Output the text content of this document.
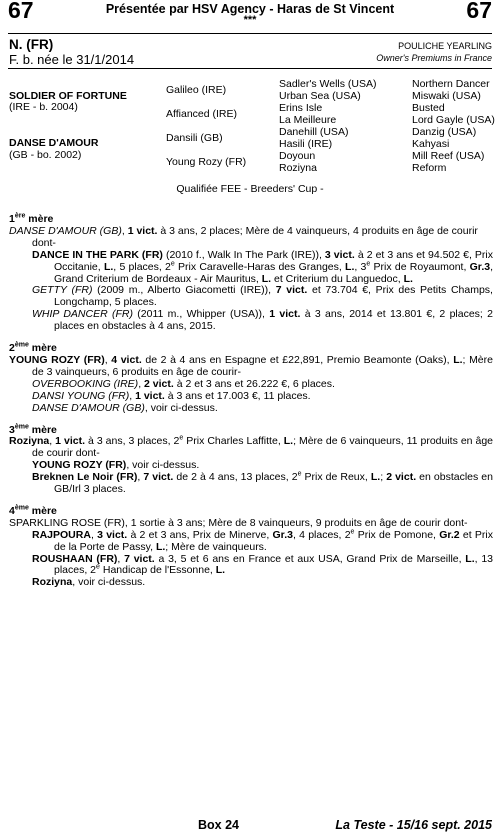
67	67
Présentée par HSV Agency - Haras de St Vincent
***
N. (FR)
F. b. née le 31/1/2014
POULICHE YEARLING
Owner's Premiums in France
SOLDIER OF FORTUNE
(IRE - b. 2004)
DANSE D'AMOUR
(GB - bo. 2002)
Galileo (IRE)
Affianced (IRE)
Dansili (GB)
Young Rozy (FR)
Sadler's Wells (USA)
Urban Sea (USA)
Erins Isle
La Meilleure
Danehill (USA)
Hasili (IRE)
Doyoun
Roziyna
Northern Dancer
Miswaki (USA)
Busted
Lord Gayle (USA)
Danzig (USA)
Kahyasi
Mill Reef (USA)
Reform
Qualifiée FEE - Breeders' Cup -

1ère mère

DANSE D'AMOUR (GB), 1 vict. à 3 ans, 2 places; Mère de 4 vainqueurs, 4 produits en âge de courir dont-

DANCE IN THE PARK (FR) (2010 f., Walk In The Park (IRE)), 3 vict. à 2 et 3 ans et 94.502 €, Prix Occitanie, L., 5 places, 2e Prix Caravelle-Haras des Granges, L., 3e Prix de Royaumont, Gr.3, Grand Criterium de Bordeaux - Air Mauritus, L. et Criterium du Languedoc, L.

GETTY (FR) (2009 m., Alberto Giacometti (IRE)), 7 vict. et 73.704 €, Prix des Petits Champs, Longchamp, 5 places.

WHIP DANCER (FR) (2011 m., Whipper (USA)), 1 vict. à 3 ans, 2014 et 13.801 €, 2 places; 2 places en obstacles à 4 ans, 2015.

2ème mère

YOUNG ROZY (FR), 4 vict. de 2 à 4 ans en Espagne et £22,891, Premio Beamonte (Oaks), L.; Mère de 3 vainqueurs, 6 produits en âge de courir-

OVERBOOKING (IRE), 2 vict. à 2 et 3 ans et 26.222 €, 6 places.

DANSI YOUNG (FR), 1 vict. à 3 ans et 17.003 €, 11 places.

DANSE D'AMOUR (GB), voir ci-dessus.

3ème mère

Roziyna, 1 vict. à 3 ans, 3 places, 2e Prix Charles Laffitte, L.; Mère de 6 vainqueurs, 11 produits en âge de courir dont-

YOUNG ROZY (FR), voir ci-dessus.

Breknen Le Noir (FR), 7 vict. de 2 à 4 ans, 13 places, 2e Prix de Reux, L.; 2 vict. en obstacles en GB/Irl 3 places.

4ème mère

SPARKLING ROSE (FR), 1 sortie à 3 ans; Mère de 8 vainqueurs, 9 produits en âge de courir dont-

RAJPOURA, 3 vict. à 2 et 3 ans, Prix de Minerve, Gr.3, 4 places, 2e Prix de Pomone, Gr.2 et Prix de la Porte de Passy, L.; Mère de vainqueurs.

ROUSHAAN (FR), 7 vict. a 3, 5 et 6 ans en France et aux USA, Grand Prix de Marseille, L., 13 places, 2e Handicap de l'Essonne, L.

Roziyna, voir ci-dessus.

Box 24	La Teste - 15/16 sept. 2015
